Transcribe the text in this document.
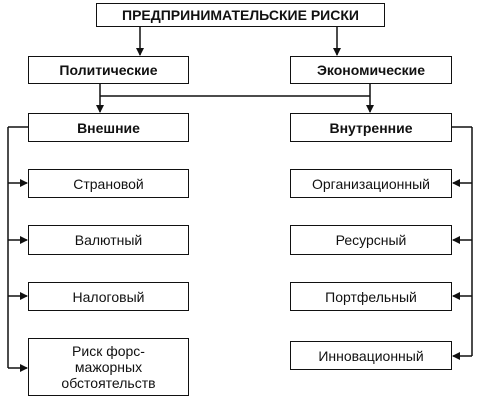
ПРЕДПРИНИМАТЕЛЬСКИЕ РИСКИ
Политические	Экономические
Внешние	Внутренние
Страновой
Валютный
Налоговый
Риск форс-мажорных обстоятельств
Организационный
Ресурсный
Портфельный
Инновационный
